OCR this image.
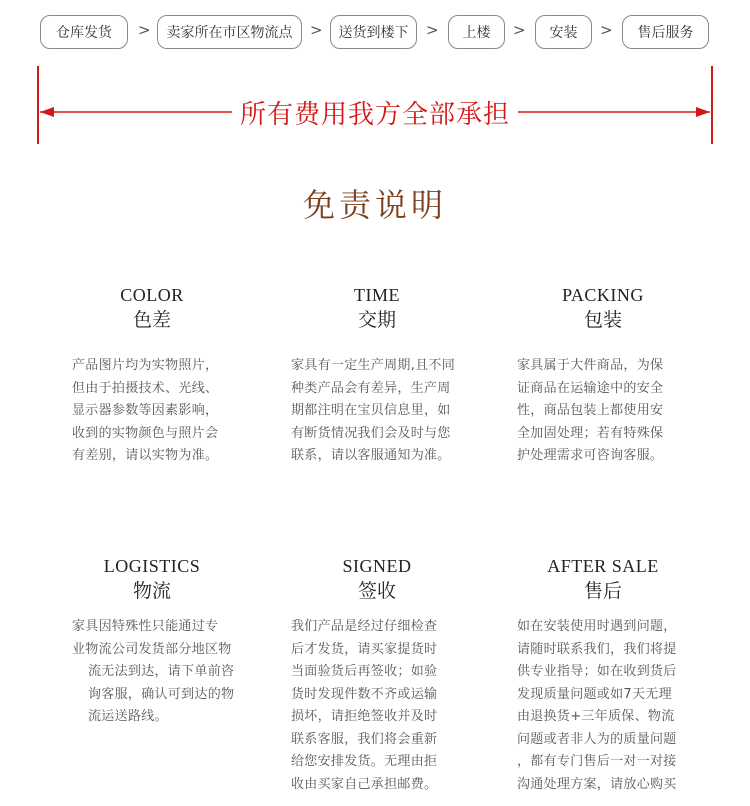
仓库发货	>	卖家所在市区物流点	>	送货到楼下	>	上楼	>	安装	>	售后服务
所有费用我方全部承担
免责说明
COLOR
色差
产品图片均为实物照片，
但由于拍摄技术、光线、
显示器参数等因素影响，
收到的实物颜色与照片会
有差别，请以实物为准。
TIME
交期
家具有一定生产周期,且不同
种类产品会有差异，生产周
期都注明在宝贝信息里，如
有断货情况我们会及时与您
联系，请以客服通知为准。
PACKING
包装
家具属于大件商品，为保
证商品在运输途中的安全
性，商品包装上都使用安
全加固处理；若有特殊保
护处理需求可咨询客服。
LOGISTICS
物流
家具因特殊性只能通过专
业物流公司发货部分地区物
流无法到达，请下单前咨
询客服，确认可到达的物
流运送路线。
SIGNED
签收
我们产品是经过仔细检查
后才发货，请买家提货时
当面验货后再签收；如验
货时发现件数不齐或运输
损坏，请拒绝签收并及时
联系客服，我们将会重新
给您安排发货。无理由拒
收由买家自己承担邮费。
AFTER SALE
售后
如在安装使用时遇到问题，
请随时联系我们，我们将提
供专业指导；如在收到货后
发现质量问题或如7天无理
由退换货+三年质保、物流
问题或者非人为的质量问题
，都有专门售后一对一对接
沟通处理方案，请放心购买
